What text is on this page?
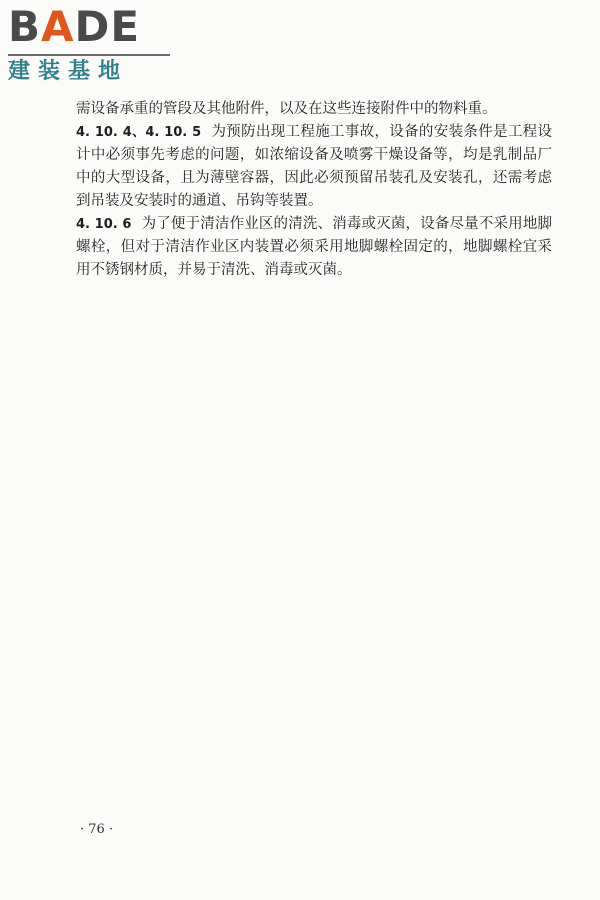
BADE
建装基地

需设备承重的管段及其他附件，以及在这些连接附件中的物料重。

4. 10. 4、4. 10. 5 为预防出现工程施工事故，设备的安装条件是工程设计中必须事先考虑的问题，如浓缩设备及喷雾干燥设备等，均是乳制品厂中的大型设备，且为薄壁容器，因此必须预留吊装孔及安装孔，还需考虑到吊装及安装时的通道、吊钩等装置。

4. 10. 6 为了便于清洁作业区的清洗、消毒或灭菌，设备尽量不采用地脚螺栓，但对于清洁作业区内装置必须采用地脚螺栓固定的，地脚螺栓宜采用不锈钢材质，并易于清洗、消毒或灭菌。

· 76 ·
